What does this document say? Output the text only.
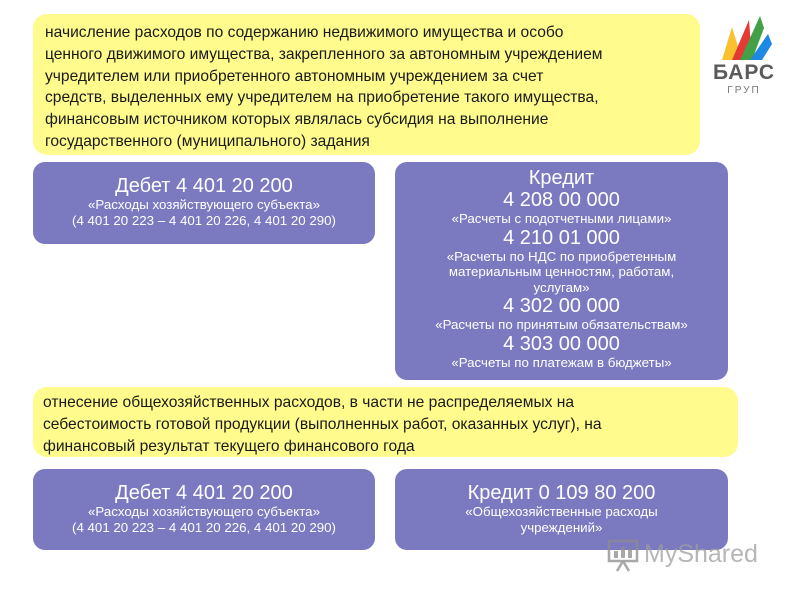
начисление расходов по содержанию недвижимого имущества и особо
ценного движимого имущества, закрепленного за автономным учреждением
учредителем или приобретенного автономным учреждением за счет
средств, выделенных ему учредителем на приобретение такого имущества,
финансовым источником которых являлась субсидия на выполнение
государственного (муниципального) задания
БАРС
ГРУП
Дебет 4 401 20 200
«Расходы хозяйствующего субъекта»
(4 401 20 223 – 4 401 20 226, 4 401 20 290)
Кредит
4 208 00 000
«Расчеты с подотчетными лицами»
4 210 01 000
«Расчеты по НДС по приобретенным материальным ценностям, работам, услугам»
4 302 00 000
«Расчеты по принятым обязательствам»
4 303 00 000
«Расчеты по платежам в бюджеты»
отнесение общехозяйственных расходов, в части не распределяемых на
себестоимость готовой продукции (выполненных работ, оказанных услуг), на
финансовый результат текущего финансового года
Дебет 4 401 20 200
«Расходы хозяйствующего субъекта»
(4 401 20 223 – 4 401 20 226, 4 401 20 290)
Кредит 0 109 80 200
«Общехозяйственные расходы учреждений»
MyShared
